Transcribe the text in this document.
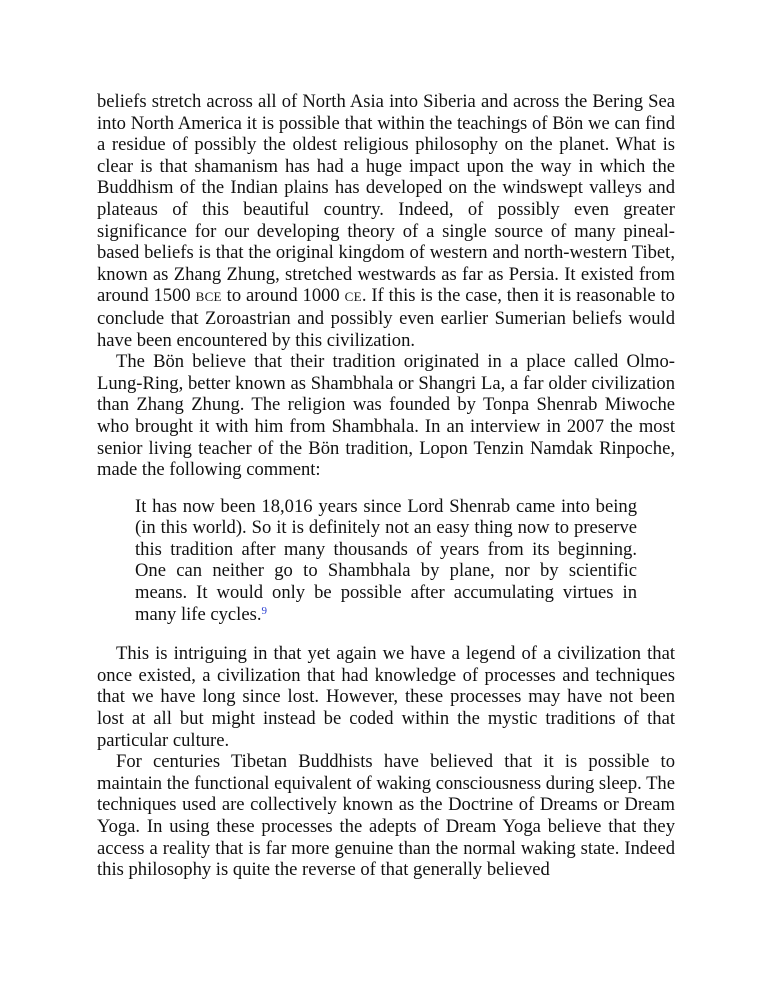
beliefs stretch across all of North Asia into Siberia and across the Bering Sea into North America it is possible that within the teachings of Bön we can find a residue of possibly the oldest religious philosophy on the planet. What is clear is that shamanism has had a huge impact upon the way in which the Buddhism of the Indian plains has developed on the windswept valleys and plateaus of this beautiful country. Indeed, of possibly even greater significance for our developing theory of a single source of many pineal-based beliefs is that the original kingdom of western and north-western Tibet, known as Zhang Zhung, stretched westwards as far as Persia. It existed from around 1500 BCE to around 1000 CE. If this is the case, then it is reasonable to conclude that Zoroastrian and possibly even earlier Sumerian beliefs would have been encountered by this civilization.

The Bön believe that their tradition originated in a place called Olmo-Lung-Ring, better known as Shambhala or Shangri La, a far older civilization than Zhang Zhung. The religion was founded by Tonpa Shenrab Miwoche who brought it with him from Shambhala. In an interview in 2007 the most senior living teacher of the Bön tradition, Lopon Tenzin Namdak Rinpoche, made the following comment:

It has now been 18,016 years since Lord Shenrab came into being (in this world). So it is definitely not an easy thing now to preserve this tradition after many thousands of years from its beginning. One can neither go to Shambhala by plane, nor by scientific means. It would only be possible after accumulating virtues in many life cycles.$^9$

This is intriguing in that yet again we have a legend of a civilization that once existed, a civilization that had knowledge of processes and techniques that we have long since lost. However, these processes may have not been lost at all but might instead be coded within the mystic traditions of that particular culture.

For centuries Tibetan Buddhists have believed that it is possible to maintain the functional equivalent of waking consciousness during sleep. The techniques used are collectively known as the Doctrine of Dreams or Dream Yoga. In using these processes the adepts of Dream Yoga believe that they access a reality that is far more genuine than the normal waking state. Indeed this philosophy is quite the reverse of that generally believed
